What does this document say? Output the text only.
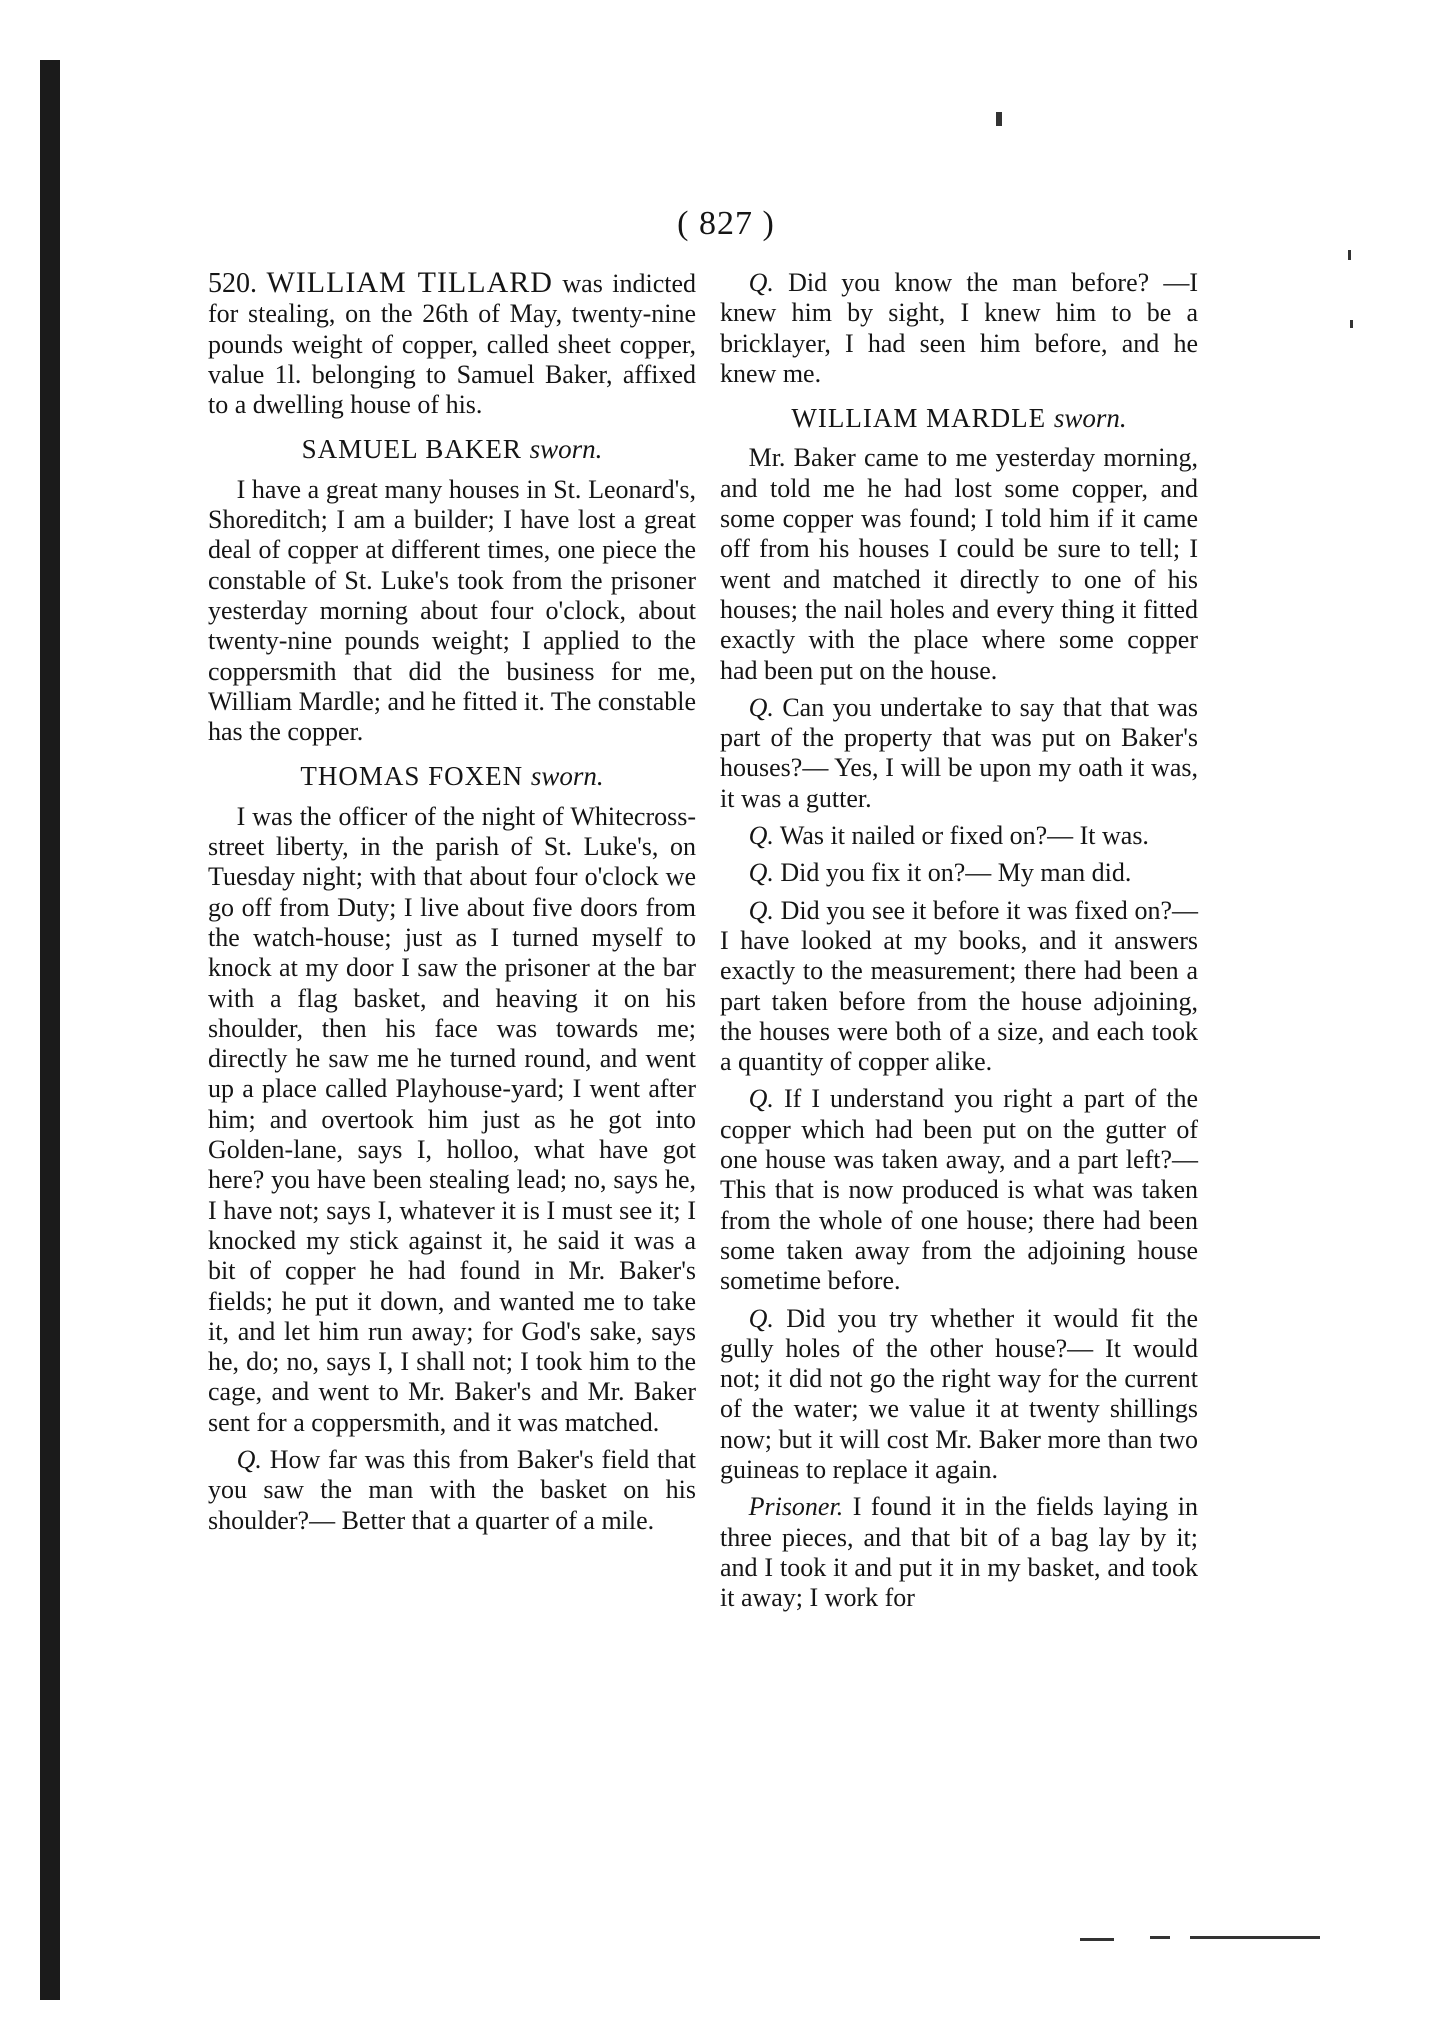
( 827 )

520. WILLIAM TILLARD was indicted for stealing, on the 26th of May, twenty-nine pounds weight of copper, called sheet copper, value 1l. belonging to Samuel Baker, affixed to a dwelling house of his.

SAMUEL BAKER sworn.

I have a great many houses in St. Leonard's, Shoreditch; I am a builder; I have lost a great deal of copper at different times, one piece the constable of St. Luke's took from the prisoner yesterday morning about four o'clock, about twenty-nine pounds weight; I applied to the coppersmith that did the business for me, William Mardle; and he fitted it. The constable has the copper.

THOMAS FOXEN sworn.

I was the officer of the night of Whitecross-street liberty, in the parish of St. Luke's, on Tuesday night; with that about four o'clock we go off from Duty; I live about five doors from the watch-house; just as I turned myself to knock at my door I saw the prisoner at the bar with a flag basket, and heaving it on his shoulder, then his face was towards me; directly he saw me he turned round, and went up a place called Playhouse-yard; I went after him; and overtook him just as he got into Golden-lane, says I, holloo, what have got here? you have been stealing lead; no, says he, I have not; says I, whatever it is I must see it; I knocked my stick against it, he said it was a bit of copper he had found in Mr. Baker's fields; he put it down, and wanted me to take it, and let him run away; for God's sake, says he, do; no, says I, I shall not; I took him to the cage, and went to Mr. Baker's and Mr. Baker sent for a coppersmith, and it was matched.

Q. How far was this from Baker's field that you saw the man with the basket on his shoulder?— Better that a quarter of a mile.

Q. Did you know the man before? —I knew him by sight, I knew him to be a bricklayer, I had seen him before, and he knew me.

WILLIAM MARDLE sworn.

Mr. Baker came to me yesterday morning, and told me he had lost some copper, and some copper was found; I told him if it came off from his houses I could be sure to tell; I went and matched it directly to one of his houses; the nail holes and every thing it fitted exactly with the place where some copper had been put on the house.

Q. Can you undertake to say that that was part of the property that was put on Baker's houses?— Yes, I will be upon my oath it was, it was a gutter.

Q. Was it nailed or fixed on?— It was.

Q. Did you fix it on?— My man did.

Q. Did you see it before it was fixed on?— I have looked at my books, and it answers exactly to the measurement; there had been a part taken before from the house adjoining, the houses were both of a size, and each took a quantity of copper alike.

Q. If I understand you right a part of the copper which had been put on the gutter of one house was taken away, and a part left?— This that is now produced is what was taken from the whole of one house; there had been some taken away from the adjoining house sometime before.

Q. Did you try whether it would fit the gully holes of the other house?— It would not; it did not go the right way for the current of the water; we value it at twenty shillings now; but it will cost Mr. Baker more than two guineas to replace it again.

Prisoner. I found it in the fields laying in three pieces, and that bit of a bag lay by it; and I took it and put it in my basket, and took it away; I work for
